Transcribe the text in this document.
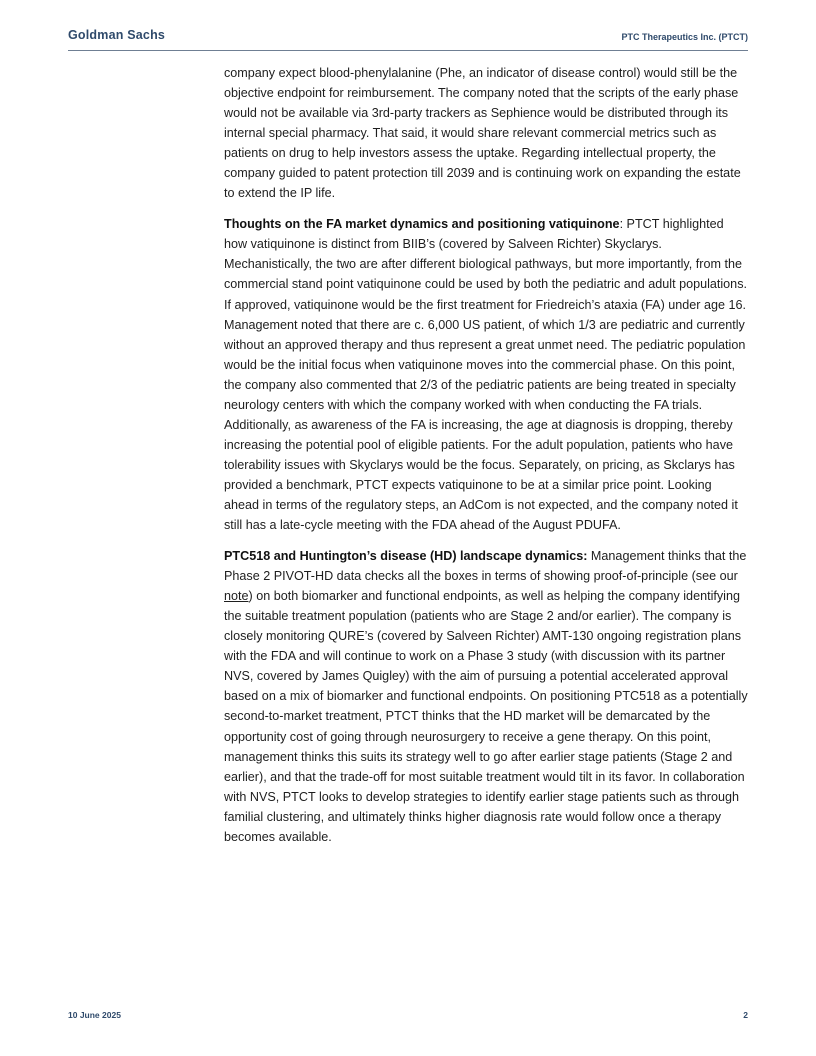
Goldman Sachs	PTC Therapeutics Inc. (PTCT)

company expect blood-phenylalanine (Phe, an indicator of disease control) would still be the objective endpoint for reimbursement. The company noted that the scripts of the early phase would not be available via 3rd-party trackers as Sephience would be distributed through its internal special pharmacy. That said, it would share relevant commercial metrics such as patients on drug to help investors assess the uptake. Regarding intellectual property, the company guided to patent protection till 2039 and is continuing work on expanding the estate to extend the IP life.

Thoughts on the FA market dynamics and positioning vatiquinone: PTCT highlighted how vatiquinone is distinct from BIIB’s (covered by Salveen Richter) Skyclarys. Mechanistically, the two are after different biological pathways, but more importantly, from the commercial stand point vatiquinone could be used by both the pediatric and adult populations. If approved, vatiquinone would be the first treatment for Friedreich’s ataxia (FA) under age 16. Management noted that there are c. 6,000 US patient, of which 1/3 are pediatric and currently without an approved therapy and thus represent a great unmet need. The pediatric population would be the initial focus when vatiquinone moves into the commercial phase. On this point, the company also commented that 2/3 of the pediatric patients are being treated in specialty neurology centers with which the company worked with when conducting the FA trials. Additionally, as awareness of the FA is increasing, the age at diagnosis is dropping, thereby increasing the potential pool of eligible patients. For the adult population, patients who have tolerability issues with Skyclarys would be the focus. Separately, on pricing, as Skclarys has provided a benchmark, PTCT expects vatiquinone to be at a similar price point. Looking ahead in terms of the regulatory steps, an AdCom is not expected, and the company noted it still has a late-cycle meeting with the FDA ahead of the August PDUFA.

PTC518 and Huntington’s disease (HD) landscape dynamics: Management thinks that the Phase 2 PIVOT-HD data checks all the boxes in terms of showing proof-of-principle (see our note) on both biomarker and functional endpoints, as well as helping the company identifying the suitable treatment population (patients who are Stage 2 and/or earlier). The company is closely monitoring QURE’s (covered by Salveen Richter) AMT-130 ongoing registration plans with the FDA and will continue to work on a Phase 3 study (with discussion with its partner NVS, covered by James Quigley) with the aim of pursuing a potential accelerated approval based on a mix of biomarker and functional endpoints. On positioning PTC518 as a potentially second-to-market treatment, PTCT thinks that the HD market will be demarcated by the opportunity cost of going through neurosurgery to receive a gene therapy. On this point, management thinks this suits its strategy well to go after earlier stage patients (Stage 2 and earlier), and that the trade-off for most suitable treatment would tilt in its favor. In collaboration with NVS, PTCT looks to develop strategies to identify earlier stage patients such as through familial clustering, and ultimately thinks higher diagnosis rate would follow once a therapy becomes available.

10 June 2025	2
